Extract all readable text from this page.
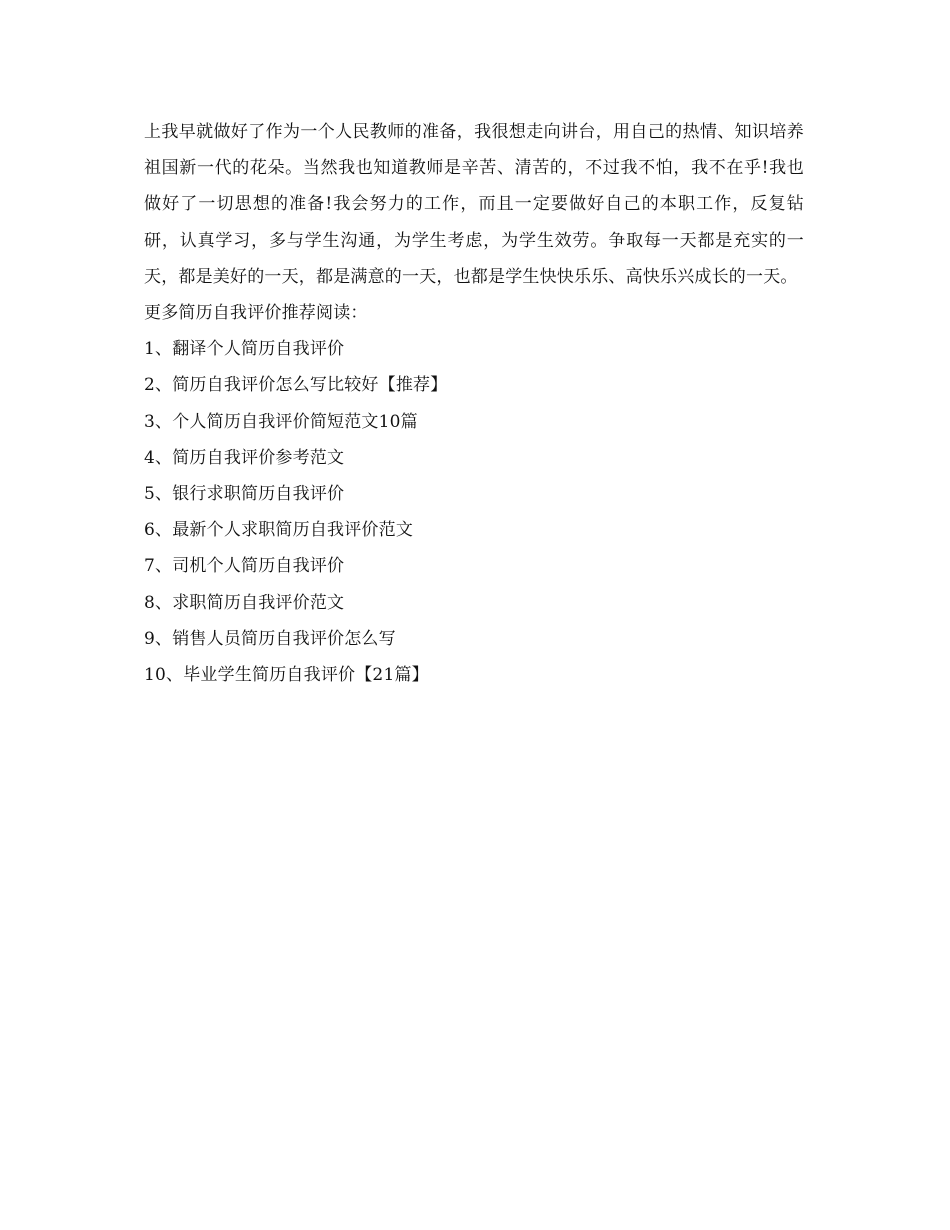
上我早就做好了作为一个人民教师的准备，我很想走向讲台，用自己的热情、知识培养祖国新一代的花朵。当然我也知道教师是辛苦、清苦的，不过我不怕，我不在乎!我也做好了一切思想的准备!我会努力的工作，而且一定要做好自己的本职工作，反复钻研，认真学习，多与学生沟通，为学生考虑，为学生效劳。争取每一天都是充实的一天，都是美好的一天，都是满意的一天，也都是学生快快乐乐、高快乐兴成长的一天。

更多简历自我评价推荐阅读：

1、翻译个人简历自我评价
2、简历自我评价怎么写比较好【推荐】
3、个人简历自我评价简短范文10篇
4、简历自我评价参考范文
5、银行求职简历自我评价
6、最新个人求职简历自我评价范文
7、司机个人简历自我评价
8、求职简历自我评价范文
9、销售人员简历自我评价怎么写
10、毕业学生简历自我评价【21篇】
